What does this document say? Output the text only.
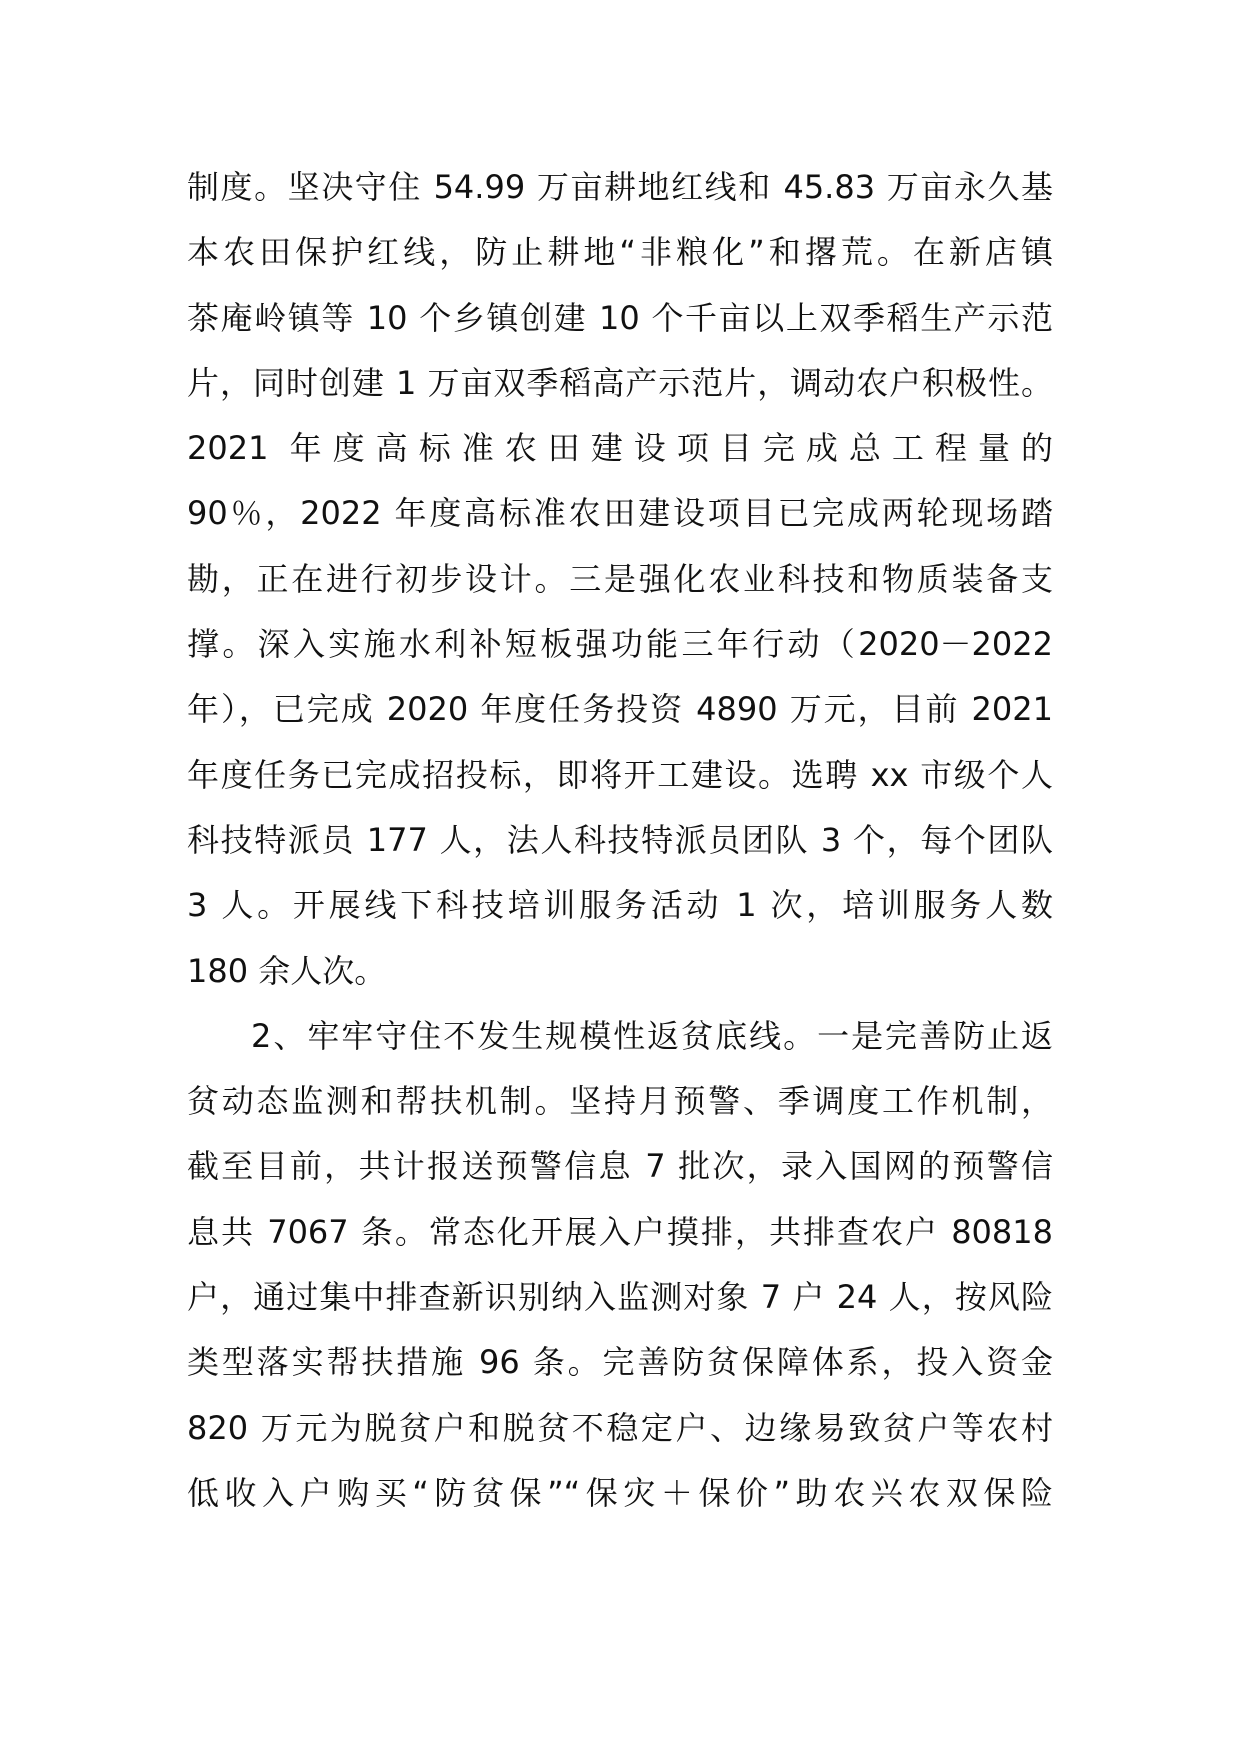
制度。坚决守住 54.99 万亩耕地红线和 45.83 万亩永久基
本农田保护红线，防止耕地“非粮化”和撂荒。在新店镇
茶庵岭镇等 10 个乡镇创建 10 个千亩以上双季稻生产示范
片，同时创建 1 万亩双季稻高产示范片，调动农户积极性。
2021 年度高标准农田建设项目完成总工程量的
90％，2022 年度高标准农田建设项目已完成两轮现场踏
勘，正在进行初步设计。三是强化农业科技和物质装备支
撑。深入实施水利补短板强功能三年行动（2020－2022
年），已完成 2020 年度任务投资 4890 万元，目前 2021
年度任务已完成招投标，即将开工建设。选聘 xx 市级个人
科技特派员 177 人，法人科技特派员团队 3 个，每个团队
3 人。开展线下科技培训服务活动 1 次，培训服务人数
180 余人次。
2、牢牢守住不发生规模性返贫底线。一是完善防止返
贫动态监测和帮扶机制。坚持月预警、季调度工作机制，
截至目前，共计报送预警信息 7 批次，录入国网的预警信
息共 7067 条。常态化开展入户摸排，共排查农户 80818
户，通过集中排查新识别纳入监测对象 7 户 24 人，按风险
类型落实帮扶措施 96 条。完善防贫保障体系，投入资金
820 万元为脱贫户和脱贫不稳定户、边缘易致贫户等农村
低收入户购买“防贫保”“保灾＋保价”助农兴农双保险
